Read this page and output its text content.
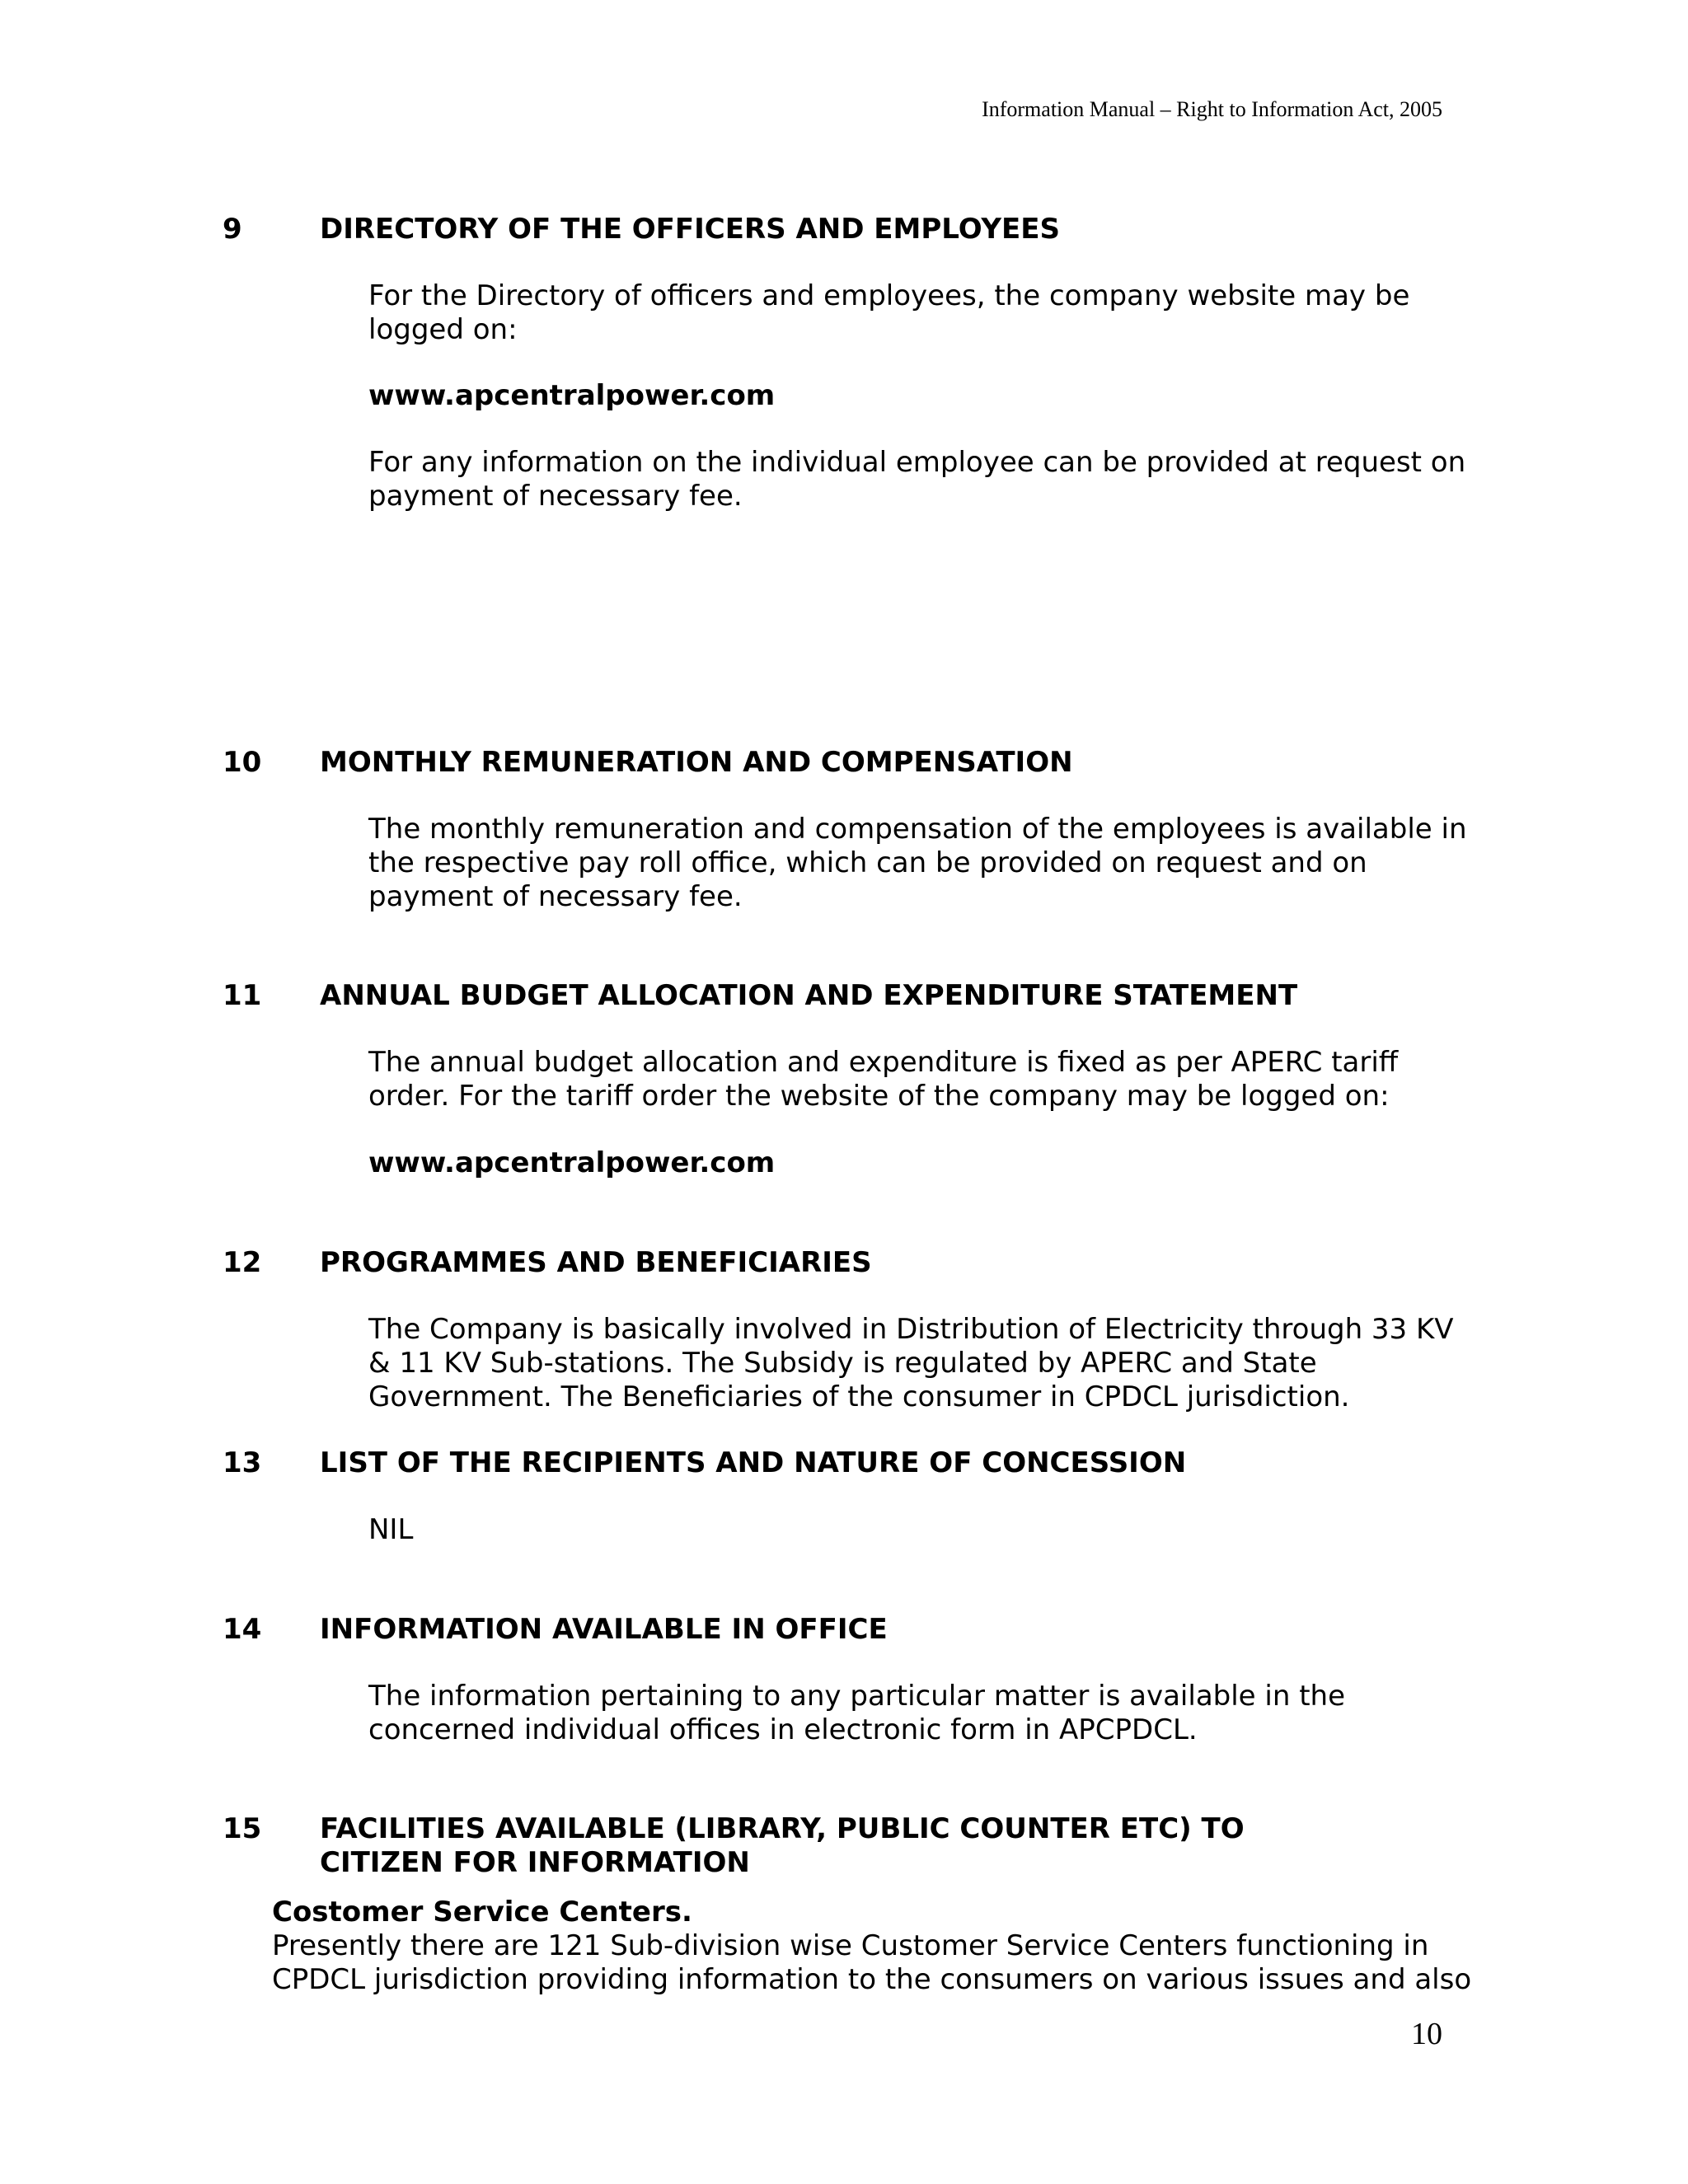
Information Manual – Right to Information Act, 2005
9	DIRECTORY OF THE OFFICERS AND EMPLOYEES
For the Directory of officers and employees, the company website may be
logged on:
www.apcentralpower.com
For any information on the individual employee can be provided at request on
payment of necessary fee.
10 MONTHLY REMUNERATION AND COMPENSATION
The monthly remuneration and compensation of the employees is available in
the respective pay roll office, which can be provided on request and on
payment of necessary fee.
11 ANNUAL BUDGET ALLOCATION AND EXPENDITURE STATEMENT
The annual budget allocation and expenditure is fixed as per APERC tariff
order. For the tariff order the website of the company may be logged on:
www.apcentralpower.com
12 PROGRAMMES AND BENEFICIARIES
The Company is basically involved in Distribution of Electricity through 33 KV
& 11 KV Sub-stations. The Subsidy is regulated by APERC and State
Government. The Beneficiaries of the consumer in CPDCL jurisdiction.
13 LIST OF THE RECIPIENTS AND NATURE OF CONCESSION
NIL
14 INFORMATION AVAILABLE IN OFFICE
The information pertaining to any particular matter is available in the
concerned individual offices in electronic form in APCPDCL.
15 FACILITIES AVAILABLE (LIBRARY, PUBLIC COUNTER ETC) TO
CITIZEN FOR INFORMATION
Costomer Service Centers.
Presently there are 121 Sub-division wise Customer Service Centers functioning in
CPDCL jurisdiction providing information to the consumers on various issues and also
10
